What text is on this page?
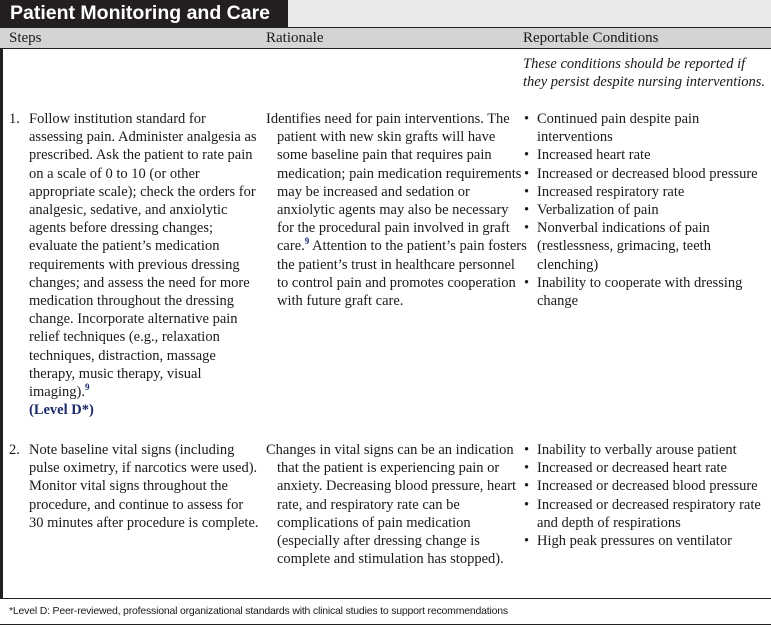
Patient Monitoring and Care
Steps	Rationale	Reportable Conditions
These conditions should be reported if they persist despite nursing interventions.
1. Follow institution standard for assessing pain. Administer analgesia as prescribed. Ask the patient to rate pain on a scale of 0 to 10 (or other appropriate scale); check the orders for analgesic, sedative, and anxiolytic agents before dressing changes; evaluate the patient’s medication requirements with previous dressing changes; and assess the need for more medication throughout the dressing change. Incorporate alternative pain relief techniques (e.g., relaxation techniques, distraction, massage therapy, music therapy, visual imaging).$^9$
(Level D*)
Identifies need for pain interventions. The patient with new skin grafts will have some baseline pain that requires pain medication; pain medication requirements may be increased and sedation or anxiolytic agents may also be necessary for the procedural pain involved in graft care.$^9$ Attention to the patient’s pain fosters the patient’s trust in healthcare personnel to control pain and promotes cooperation with future graft care.
• Continued pain despite pain interventions
• Increased heart rate
• Increased or decreased blood pressure
• Increased respiratory rate
• Verbalization of pain
• Nonverbal indications of pain (restlessness, grimacing, teeth clenching)
• Inability to cooperate with dressing change
2. Note baseline vital signs (including pulse oximetry, if narcotics were used). Monitor vital signs throughout the procedure, and continue to assess for 30 minutes after procedure is complete.
Changes in vital signs can be an indication that the patient is experiencing pain or anxiety. Decreasing blood pressure, heart rate, and respiratory rate can be complications of pain medication (especially after dressing change is complete and stimulation has stopped).
• Inability to verbally arouse patient
• Increased or decreased heart rate
• Increased or decreased blood pressure
• Increased or decreased respiratory rate and depth of respirations
• High peak pressures on ventilator
*Level D: Peer-reviewed, professional organizational standards with clinical studies to support recommendations
